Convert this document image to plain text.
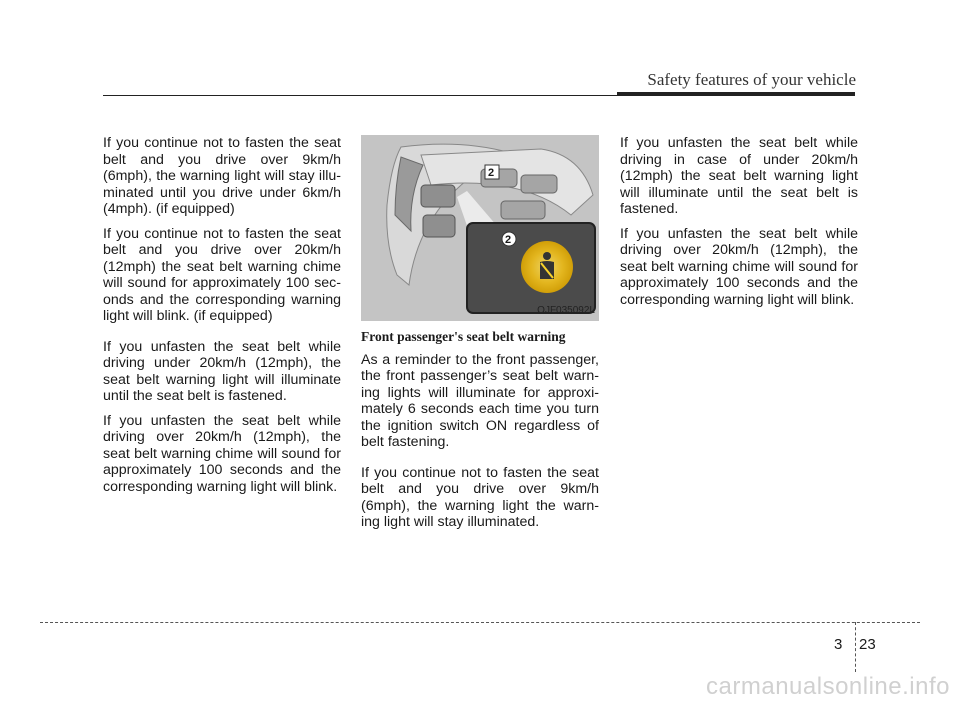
Safety features of your vehicle

If you continue not to fasten the seat belt and you drive over 9km/h (6mph), the warning light will stay illu- minated until you drive under 6km/h (4mph). (if equipped)

If you continue not to fasten the seat belt and you drive over 20km/h (12mph) the seat belt warning chime will sound for approximately 100 sec- onds and the corresponding warning light will blink. (if equipped)

If you unfasten the seat belt while driving under 20km/h (12mph), the seat belt warning light will illuminate until the seat belt is fastened.

If you unfasten the seat belt while driving over 20km/h (12mph), the seat belt warning chime will sound for approximately 100 seconds and the corresponding warning light will blink.

2
2
OJF035092L
Front passenger's seat belt warning

As a reminder to the front passenger, the front passenger’s seat belt warn- ing lights will illuminate for approxi- mately 6 seconds each time you turn the ignition switch ON regardless of belt fastening.

If you continue not to fasten the seat belt and you drive over 9km/h (6mph), the warning light the warn- ing light will stay illuminated.

If you unfasten the seat belt while driving in case of under 20km/h (12mph) the seat belt warning light will illuminate until the seat belt is fastened.

If you unfasten the seat belt while driving over 20km/h (12mph), the seat belt warning chime will sound for approximately 100 seconds and the corresponding warning light will blink.

3 23
carmanualsonline.info
